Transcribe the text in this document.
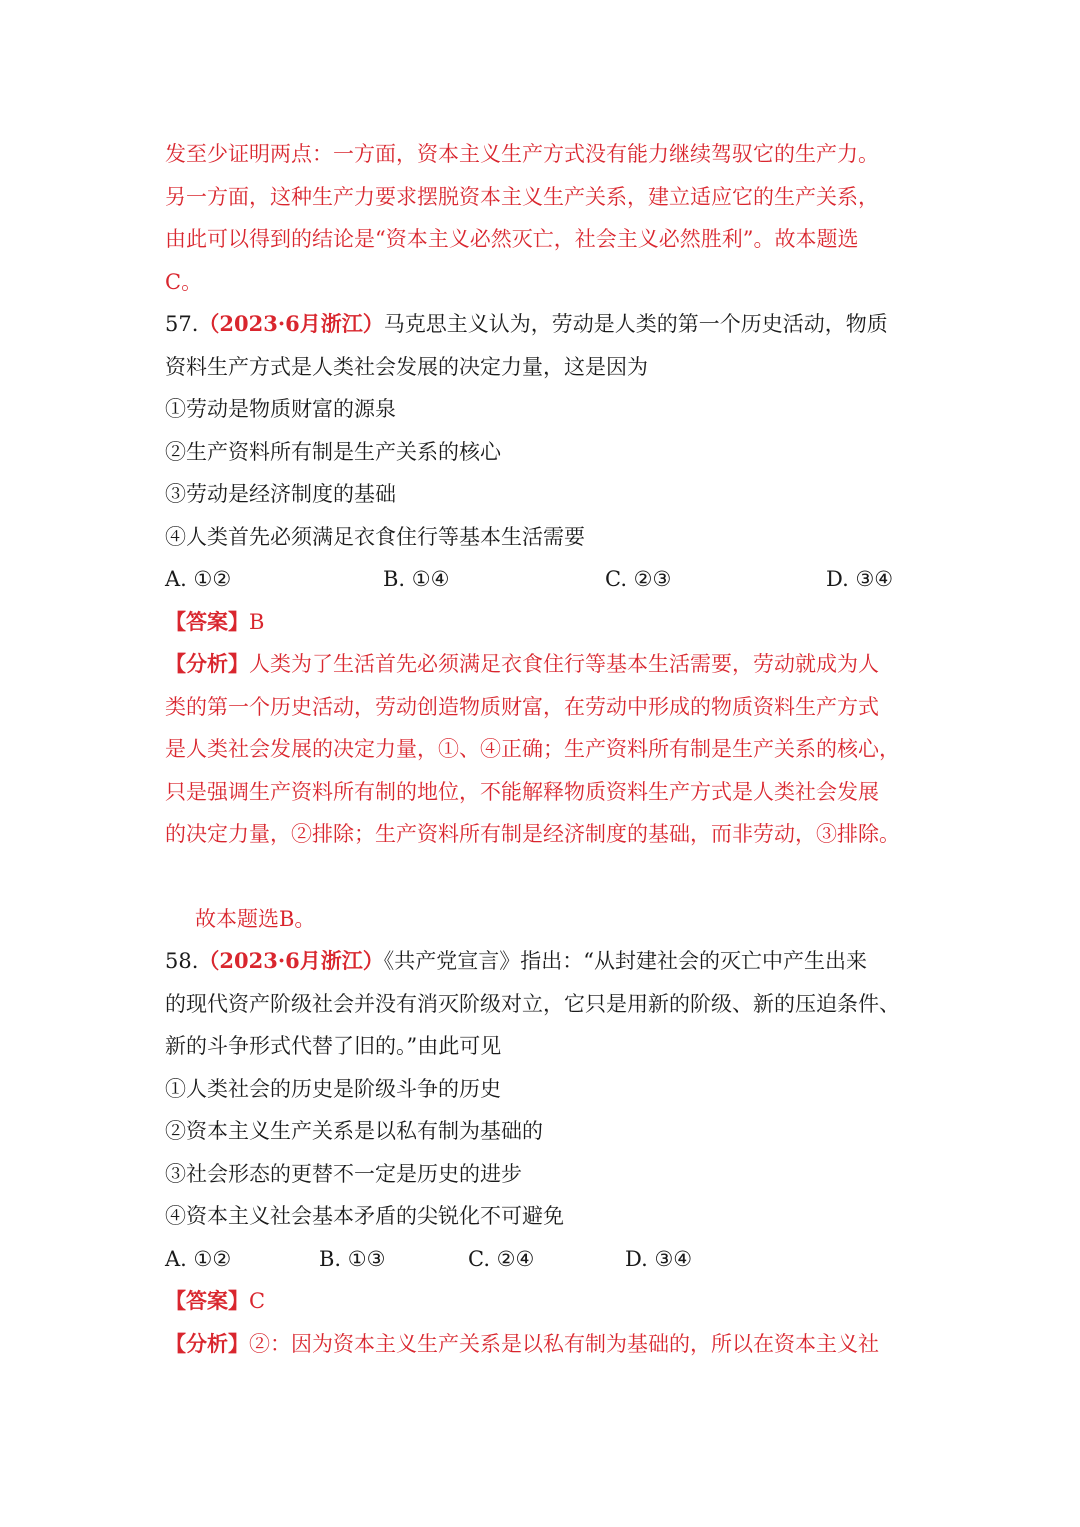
发至少证明两点：一方面，资本主义生产方式没有能力继续驾驭它的生产力。
另一方面，这种生产力要求摆脱资本主义生产关系，建立适应它的生产关系，
由此可以得到的结论是“资本主义必然灭亡，社会主义必然胜利”。故本题选
C。
57.（2023·6月浙江）马克思主义认为，劳动是人类的第一个历史活动，物质
资料生产方式是人类社会发展的决定力量，这是因为
①劳动是物质财富的源泉
②生产资料所有制是生产关系的核心
③劳动是经济制度的基础
④人类首先必须满足衣食住行等基本生活需要
A. ①②	B. ①④	C. ②③	D. ③④
【答案】B
【分析】人类为了生活首先必须满足衣食住行等基本生活需要，劳动就成为人
类的第一个历史活动，劳动创造物质财富，在劳动中形成的物质资料生产方式
是人类社会发展的决定力量，①、④正确；生产资料所有制是生产关系的核心，
只是强调生产资料所有制的地位，不能解释物质资料生产方式是人类社会发展
的决定力量，②排除；生产资料所有制是经济制度的基础，而非劳动，③排除。
故本题选B。
58.（2023·6月浙江）《共产党宣言》指出：“从封建社会的灭亡中产生出来
的现代资产阶级社会并没有消灭阶级对立，它只是用新的阶级、新的压迫条件、
新的斗争形式代替了旧的。”由此可见
①人类社会的历史是阶级斗争的历史
②资本主义生产关系是以私有制为基础的
③社会形态的更替不一定是历史的进步
④资本主义社会基本矛盾的尖锐化不可避免
A. ①②	B. ①③	C. ②④	D. ③④
【答案】C
【分析】②：因为资本主义生产关系是以私有制为基础的，所以在资本主义社
